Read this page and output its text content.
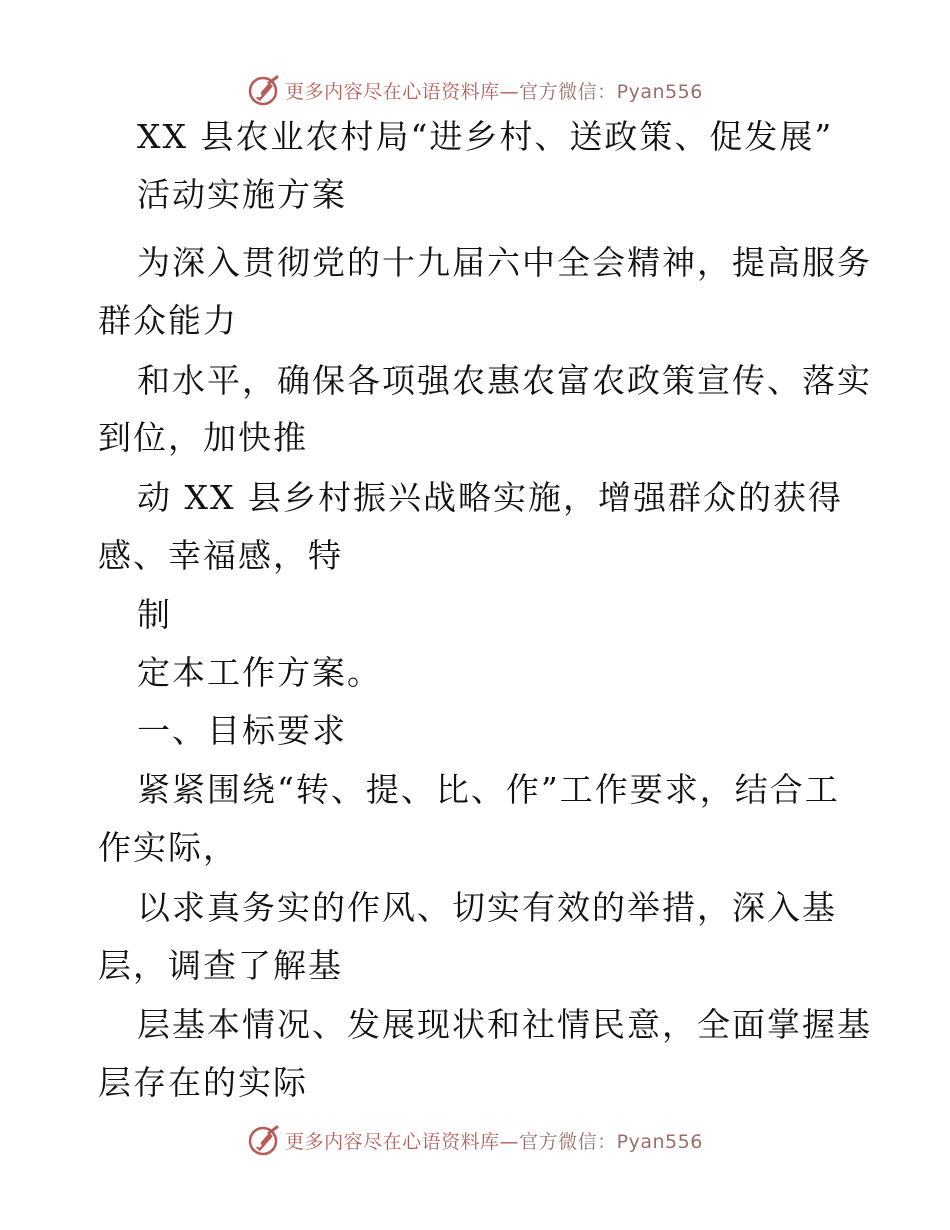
更多内容尽在心语资料库—官方微信：Pyan556
XX 县农业农村局“进乡村、送政策、促发展”
活动实施方案
为深入贯彻党的十九届六中全会精神，提高服务
群众能力
和水平，确保各项强农惠农富农政策宣传、落实
到位，加快推
动 XX 县乡村振兴战略实施，增强群众的获得
感、幸福感，特
制
定本工作方案。
一、目标要求
紧紧围绕“转、提、比、作”工作要求，结合工
作实际，
以求真务实的作风、切实有效的举措，深入基
层，调查了解基
层基本情况、发展现状和社情民意，全面掌握基
层存在的实际
更多内容尽在心语资料库—官方微信：Pyan556
